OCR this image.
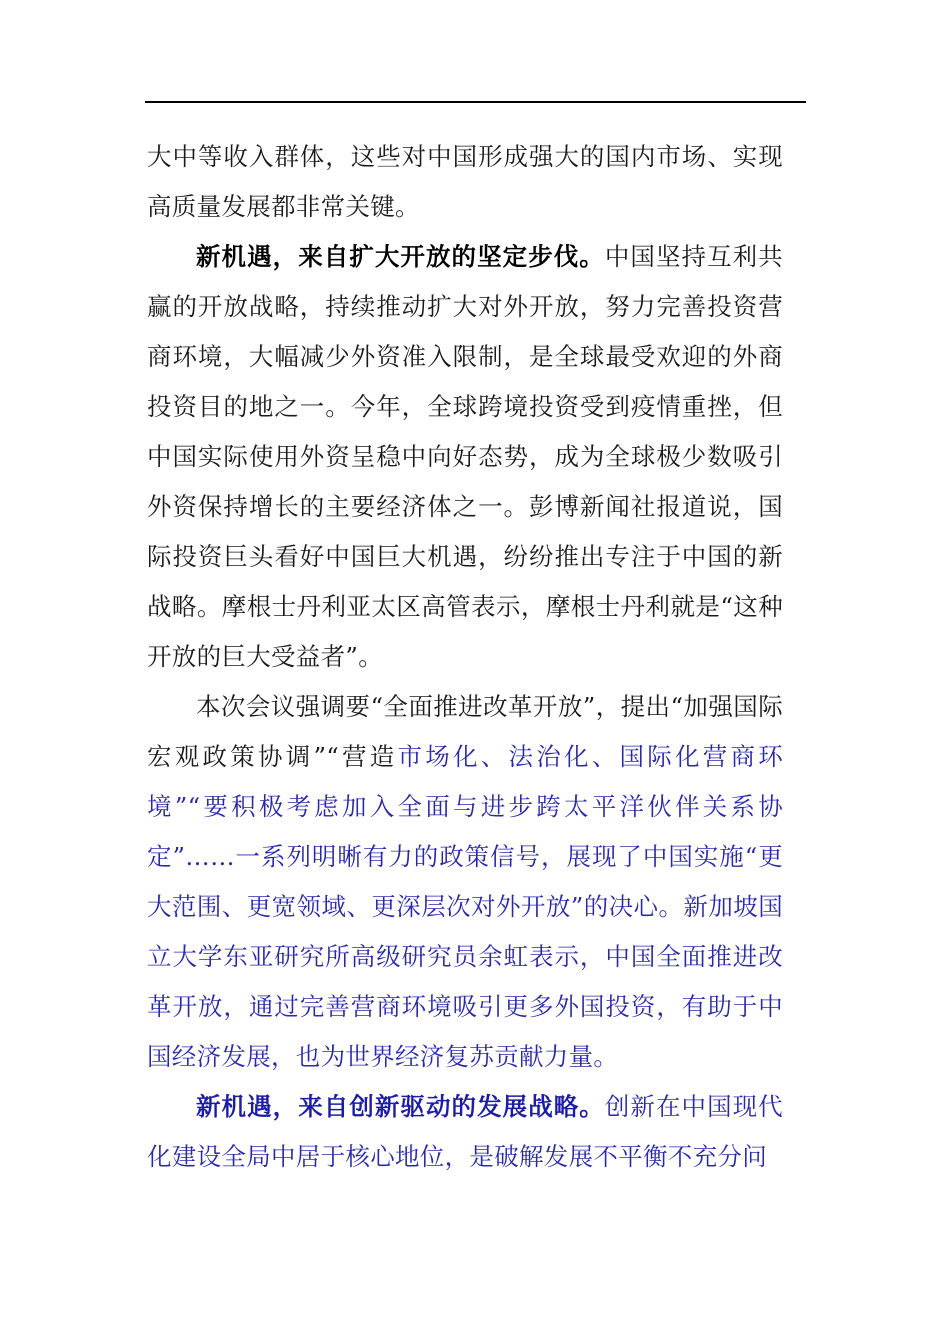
大中等收入群体，这些对中国形成强大的国内市场、实现高质量发展都非常关键。

新机遇，来自扩大开放的坚定步伐。中国坚持互利共赢的开放战略，持续推动扩大对外开放，努力完善投资营商环境，大幅减少外资准入限制，是全球最受欢迎的外商投资目的地之一。今年，全球跨境投资受到疫情重挫，但中国实际使用外资呈稳中向好态势，成为全球极少数吸引外资保持增长的主要经济体之一。彭博新闻社报道说，国际投资巨头看好中国巨大机遇，纷纷推出专注于中国的新战略。摩根士丹利亚太区高管表示，摩根士丹利就是“这种开放的巨大受益者”。

本次会议强调要“全面推进改革开放”，提出“加强国际宏观政策协调”“营造市场化、法治化、国际化营商环境”“要积极考虑加入全面与进步跨太平洋伙伴关系协定”……一系列明晰有力的政策信号，展现了中国实施“更大范围、更宽领域、更深层次对外开放”的决心。新加坡国立大学东亚研究所高级研究员余虹表示，中国全面推进改革开放，通过完善营商环境吸引更多外国投资，有助于中国经济发展，也为世界经济复苏贡献力量。

新机遇，来自创新驱动的发展战略。创新在中国现代化建设全局中居于核心地位，是破解发展不平衡不充分问
